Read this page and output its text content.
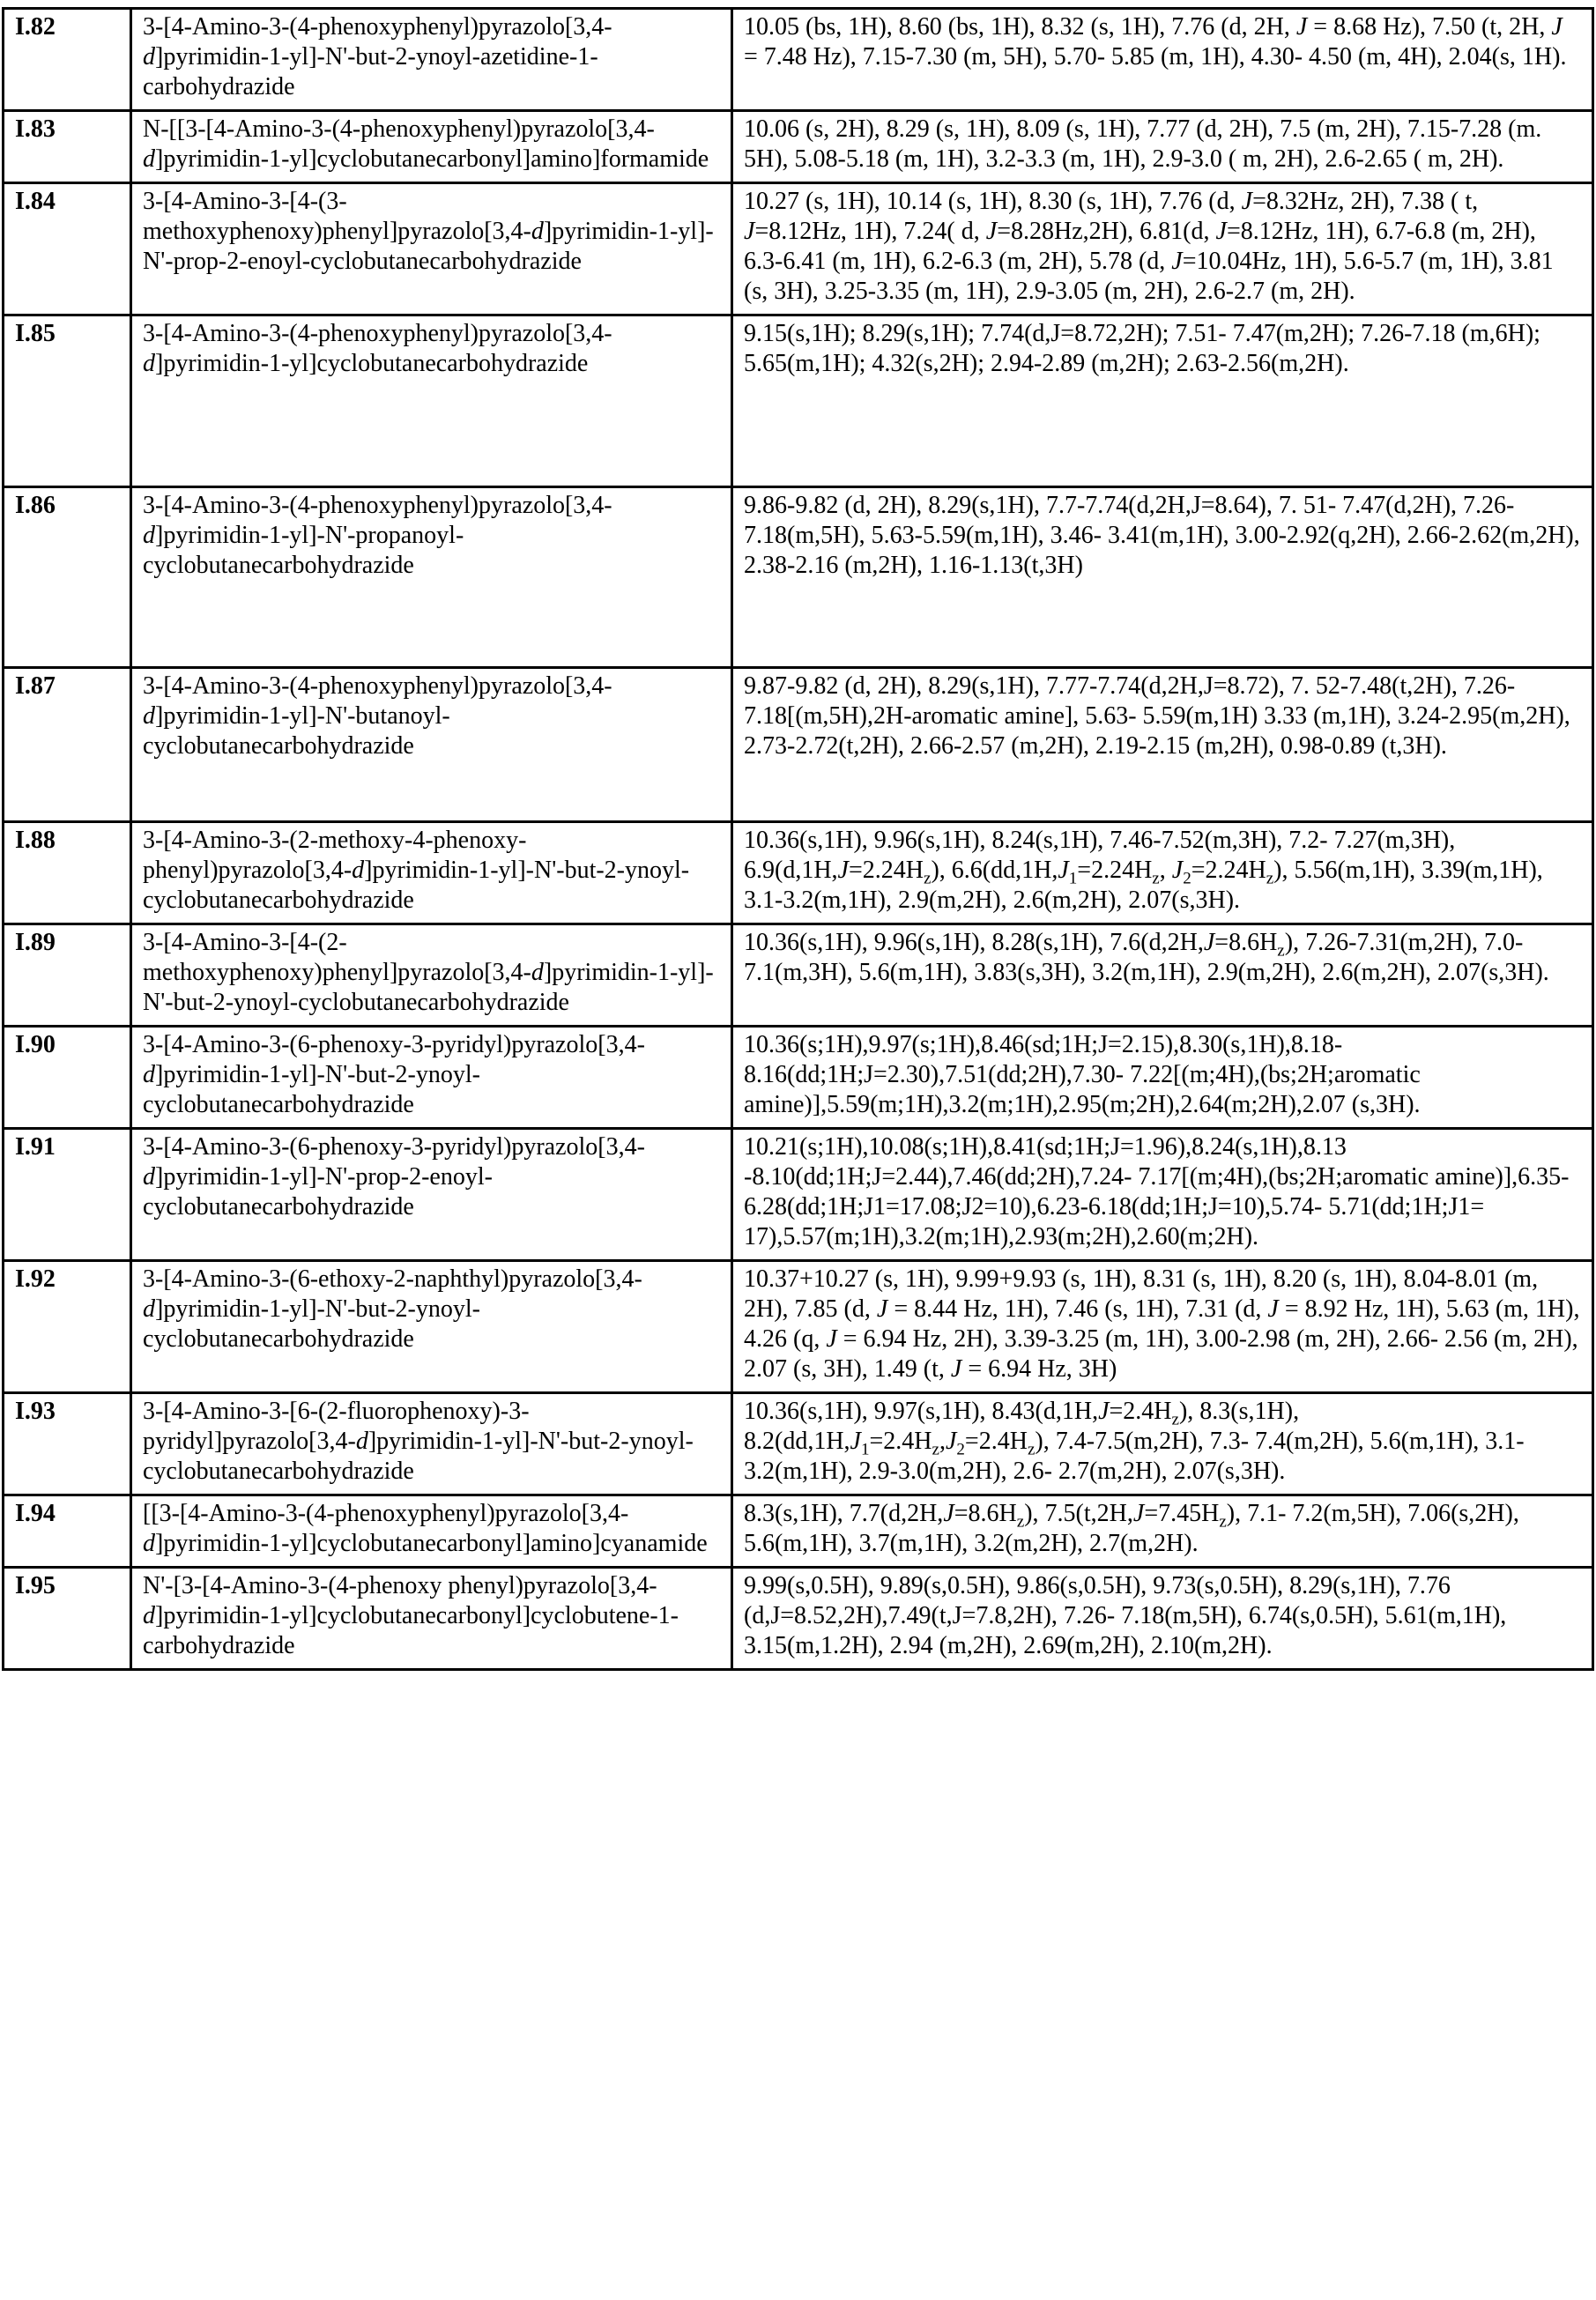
I.82	3-[4-Amino-3-(4-phenoxyphenyl)pyrazolo[3,4-d]pyrimidin-1-yl]-N'-but-2-ynoyl-azetidine-1-carbohydrazide	10.05 (bs, 1H), 8.60 (bs, 1H), 8.32 (s, 1H), 7.76 (d, 2H, J = 8.68 Hz), 7.50 (t, 2H, J = 7.48 Hz), 7.15-7.30 (m, 5H), 5.70- 5.85 (m, 1H), 4.30- 4.50 (m, 4H), 2.04(s, 1H).
I.83	N-[[3-[4-Amino-3-(4-phenoxyphenyl)pyrazolo[3,4-d]pyrimidin-1-yl]cyclobutanecarbonyl]amino]formamide	10.06 (s, 2H), 8.29 (s, 1H), 8.09 (s, 1H), 7.77 (d, 2H), 7.5 (m, 2H), 7.15-7.28 (m. 5H), 5.08-5.18 (m, 1H), 3.2-3.3 (m, 1H), 2.9-3.0 ( m, 2H), 2.6-2.65 ( m, 2H).
I.84	3-[4-Amino-3-[4-(3-methoxyphenoxy)phenyl]pyrazolo[3,4-d]pyrimidin-1-yl]-N'-prop-2-enoyl-cyclobutanecarbohydrazide	10.27 (s, 1H), 10.14 (s, 1H), 8.30 (s, 1H), 7.76 (d, J=8.32Hz, 2H), 7.38 ( t, J=8.12Hz, 1H), 7.24( d, J=8.28Hz,2H), 6.81(d, J=8.12Hz, 1H), 6.7-6.8 (m, 2H), 6.3-6.41 (m, 1H), 6.2-6.3 (m, 2H), 5.78 (d, J=10.04Hz, 1H), 5.6-5.7 (m, 1H), 3.81 (s, 3H), 3.25-3.35 (m, 1H), 2.9-3.05 (m, 2H), 2.6-2.7 (m, 2H).
I.85	3-[4-Amino-3-(4-phenoxyphenyl)pyrazolo[3,4-d]pyrimidin-1-yl]cyclobutanecarbohydrazide	9.15(s,1H); 8.29(s,1H); 7.74(d,J=8.72,2H); 7.51- 7.47(m,2H); 7.26-7.18 (m,6H); 5.65(m,1H); 4.32(s,2H); 2.94-2.89 (m,2H); 2.63-2.56(m,2H).
I.86	3-[4-Amino-3-(4-phenoxyphenyl)pyrazolo[3,4-d]pyrimidin-1-yl]-N'-propanoyl-cyclobutanecarbohydrazide	9.86-9.82 (d, 2H), 8.29(s,1H), 7.7-7.74(d,2H,J=8.64), 7. 51- 7.47(d,2H), 7.26-7.18(m,5H), 5.63-5.59(m,1H), 3.46- 3.41(m,1H), 3.00-2.92(q,2H), 2.66-2.62(m,2H), 2.38-2.16 (m,2H), 1.16-1.13(t,3H)
I.87	3-[4-Amino-3-(4-phenoxyphenyl)pyrazolo[3,4-d]pyrimidin-1-yl]-N'-butanoyl-cyclobutanecarbohydrazide	9.87-9.82 (d, 2H), 8.29(s,1H), 7.77-7.74(d,2H,J=8.72), 7. 52-7.48(t,2H), 7.26-7.18[(m,5H),2H-aromatic amine], 5.63- 5.59(m,1H) 3.33 (m,1H), 3.24-2.95(m,2H), 2.73-2.72(t,2H), 2.66-2.57 (m,2H), 2.19-2.15 (m,2H), 0.98-0.89 (t,3H).
I.88	3-[4-Amino-3-(2-methoxy-4-phenoxy-phenyl)pyrazolo[3,4-d]pyrimidin-1-yl]-N'-but-2-ynoyl-cyclobutanecarbohydrazide	10.36(s,1H), 9.96(s,1H), 8.24(s,1H), 7.46-7.52(m,3H), 7.2- 7.27(m,3H), $6.9(d,1H,J=2.24H_z)$, $6.6(dd,1H,J_1=2.24H_z$, $J_2=2.24H_z$), 5.56(m,1H), 3.39(m,1H), 3.1-3.2(m,1H), 2.9(m,2H), 2.6(m,2H), 2.07(s,3H).
I.89	3-[4-Amino-3-[4-(2-methoxyphenoxy)phenyl]pyrazolo[3,4-d]pyrimidin-1-yl]-N'-but-2-ynoyl-cyclobutanecarbohydrazide	10.36(s,1H), 9.96(s,1H), 8.28(s,1H), $7.6(d,2H,J=8.6H_z)$, 7.26-7.31(m,2H), 7.0-7.1(m,3H), 5.6(m,1H), 3.83(s,3H), 3.2(m,1H), 2.9(m,2H), 2.6(m,2H), 2.07(s,3H).
I.90	3-[4-Amino-3-(6-phenoxy-3-pyridyl)pyrazolo[3,4-d]pyrimidin-1-yl]-N'-but-2-ynoyl-cyclobutanecarbohydrazide	10.36(s;1H),9.97(s;1H),8.46(sd;1H;J=2.15),8.30(s,1H),8.18- 8.16(dd;1H;J=2.30),7.51(dd;2H),7.30- 7.22[(m;4H),(bs;2H;aromatic amine)],5.59(m;1H),3.2(m;1H),2.95(m;2H),2.64(m;2H),2.07 (s,3H).
I.91	3-[4-Amino-3-(6-phenoxy-3-pyridyl)pyrazolo[3,4-d]pyrimidin-1-yl]-N'-prop-2-enoyl-cyclobutanecarbohydrazide	10.21(s;1H),10.08(s;1H),8.41(sd;1H;J=1.96),8.24(s,1H),8.13 -8.10(dd;1H;J=2.44),7.46(dd;2H),7.24- 7.17[(m;4H),(bs;2H;aromatic amine)],6.35- 6.28(dd;1H;J1=17.08;J2=10),6.23-6.18(dd;1H;J=10),5.74- 5.71(dd;1H;J1= 17),5.57(m;1H),3.2(m;1H),2.93(m;2H),2.60(m;2H).
I.92	3-[4-Amino-3-(6-ethoxy-2-naphthyl)pyrazolo[3,4-d]pyrimidin-1-yl]-N'-but-2-ynoyl-cyclobutanecarbohydrazide	10.37+10.27 (s, 1H), 9.99+9.93 (s, 1H), 8.31 (s, 1H), 8.20 (s, 1H), 8.04-8.01 (m, 2H), 7.85 (d, J = 8.44 Hz, 1H), 7.46 (s, 1H), 7.31 (d, J = 8.92 Hz, 1H), 5.63 (m, 1H), 4.26 (q, J = 6.94 Hz, 2H), 3.39-3.25 (m, 1H), 3.00-2.98 (m, 2H), 2.66- 2.56 (m, 2H), 2.07 (s, 3H), 1.49 (t, J = 6.94 Hz, 3H)
I.93	3-[4-Amino-3-[6-(2-fluorophenoxy)-3-pyridyl]pyrazolo[3,4-d]pyrimidin-1-yl]-N'-but-2-ynoyl-cyclobutanecarbohydrazide	10.36(s,1H), 9.97(s,1H), $8.43(d,1H,J=2.4H_z)$, 8.3(s,1H), $8.2(dd,1H,J_1=2.4H_z,J_2=2.4H_z)$, 7.4-7.5(m,2H), 7.3- 7.4(m,2H), 5.6(m,1H), 3.1-3.2(m,1H), 2.9-3.0(m,2H), 2.6- 2.7(m,2H), 2.07(s,3H).
I.94	[[3-[4-Amino-3-(4-phenoxyphenyl)pyrazolo[3,4-d]pyrimidin-1-yl]cyclobutanecarbonyl]amino]cyanamide	8.3(s,1H), $7.7(d,2H,J=8.6H_z)$, $7.5(t,2H,J=7.45H_z)$, 7.1- 7.2(m,5H), 7.06(s,2H), 5.6(m,1H), 3.7(m,1H), 3.2(m,2H), 2.7(m,2H).
I.95	N'-[3-[4-Amino-3-(4-phenoxy phenyl)pyrazolo[3,4-d]pyrimidin-1-yl]cyclobutanecarbonyl]cyclobutene-1-carbohydrazide	9.99(s,0.5H), 9.89(s,0.5H), 9.86(s,0.5H), 9.73(s,0.5H), 8.29(s,1H), 7.76 (d,J=8.52,2H),7.49(t,J=7.8,2H), 7.26- 7.18(m,5H), 6.74(s,0.5H), 5.61(m,1H), 3.15(m,1.2H), 2.94 (m,2H), 2.69(m,2H), 2.10(m,2H).
